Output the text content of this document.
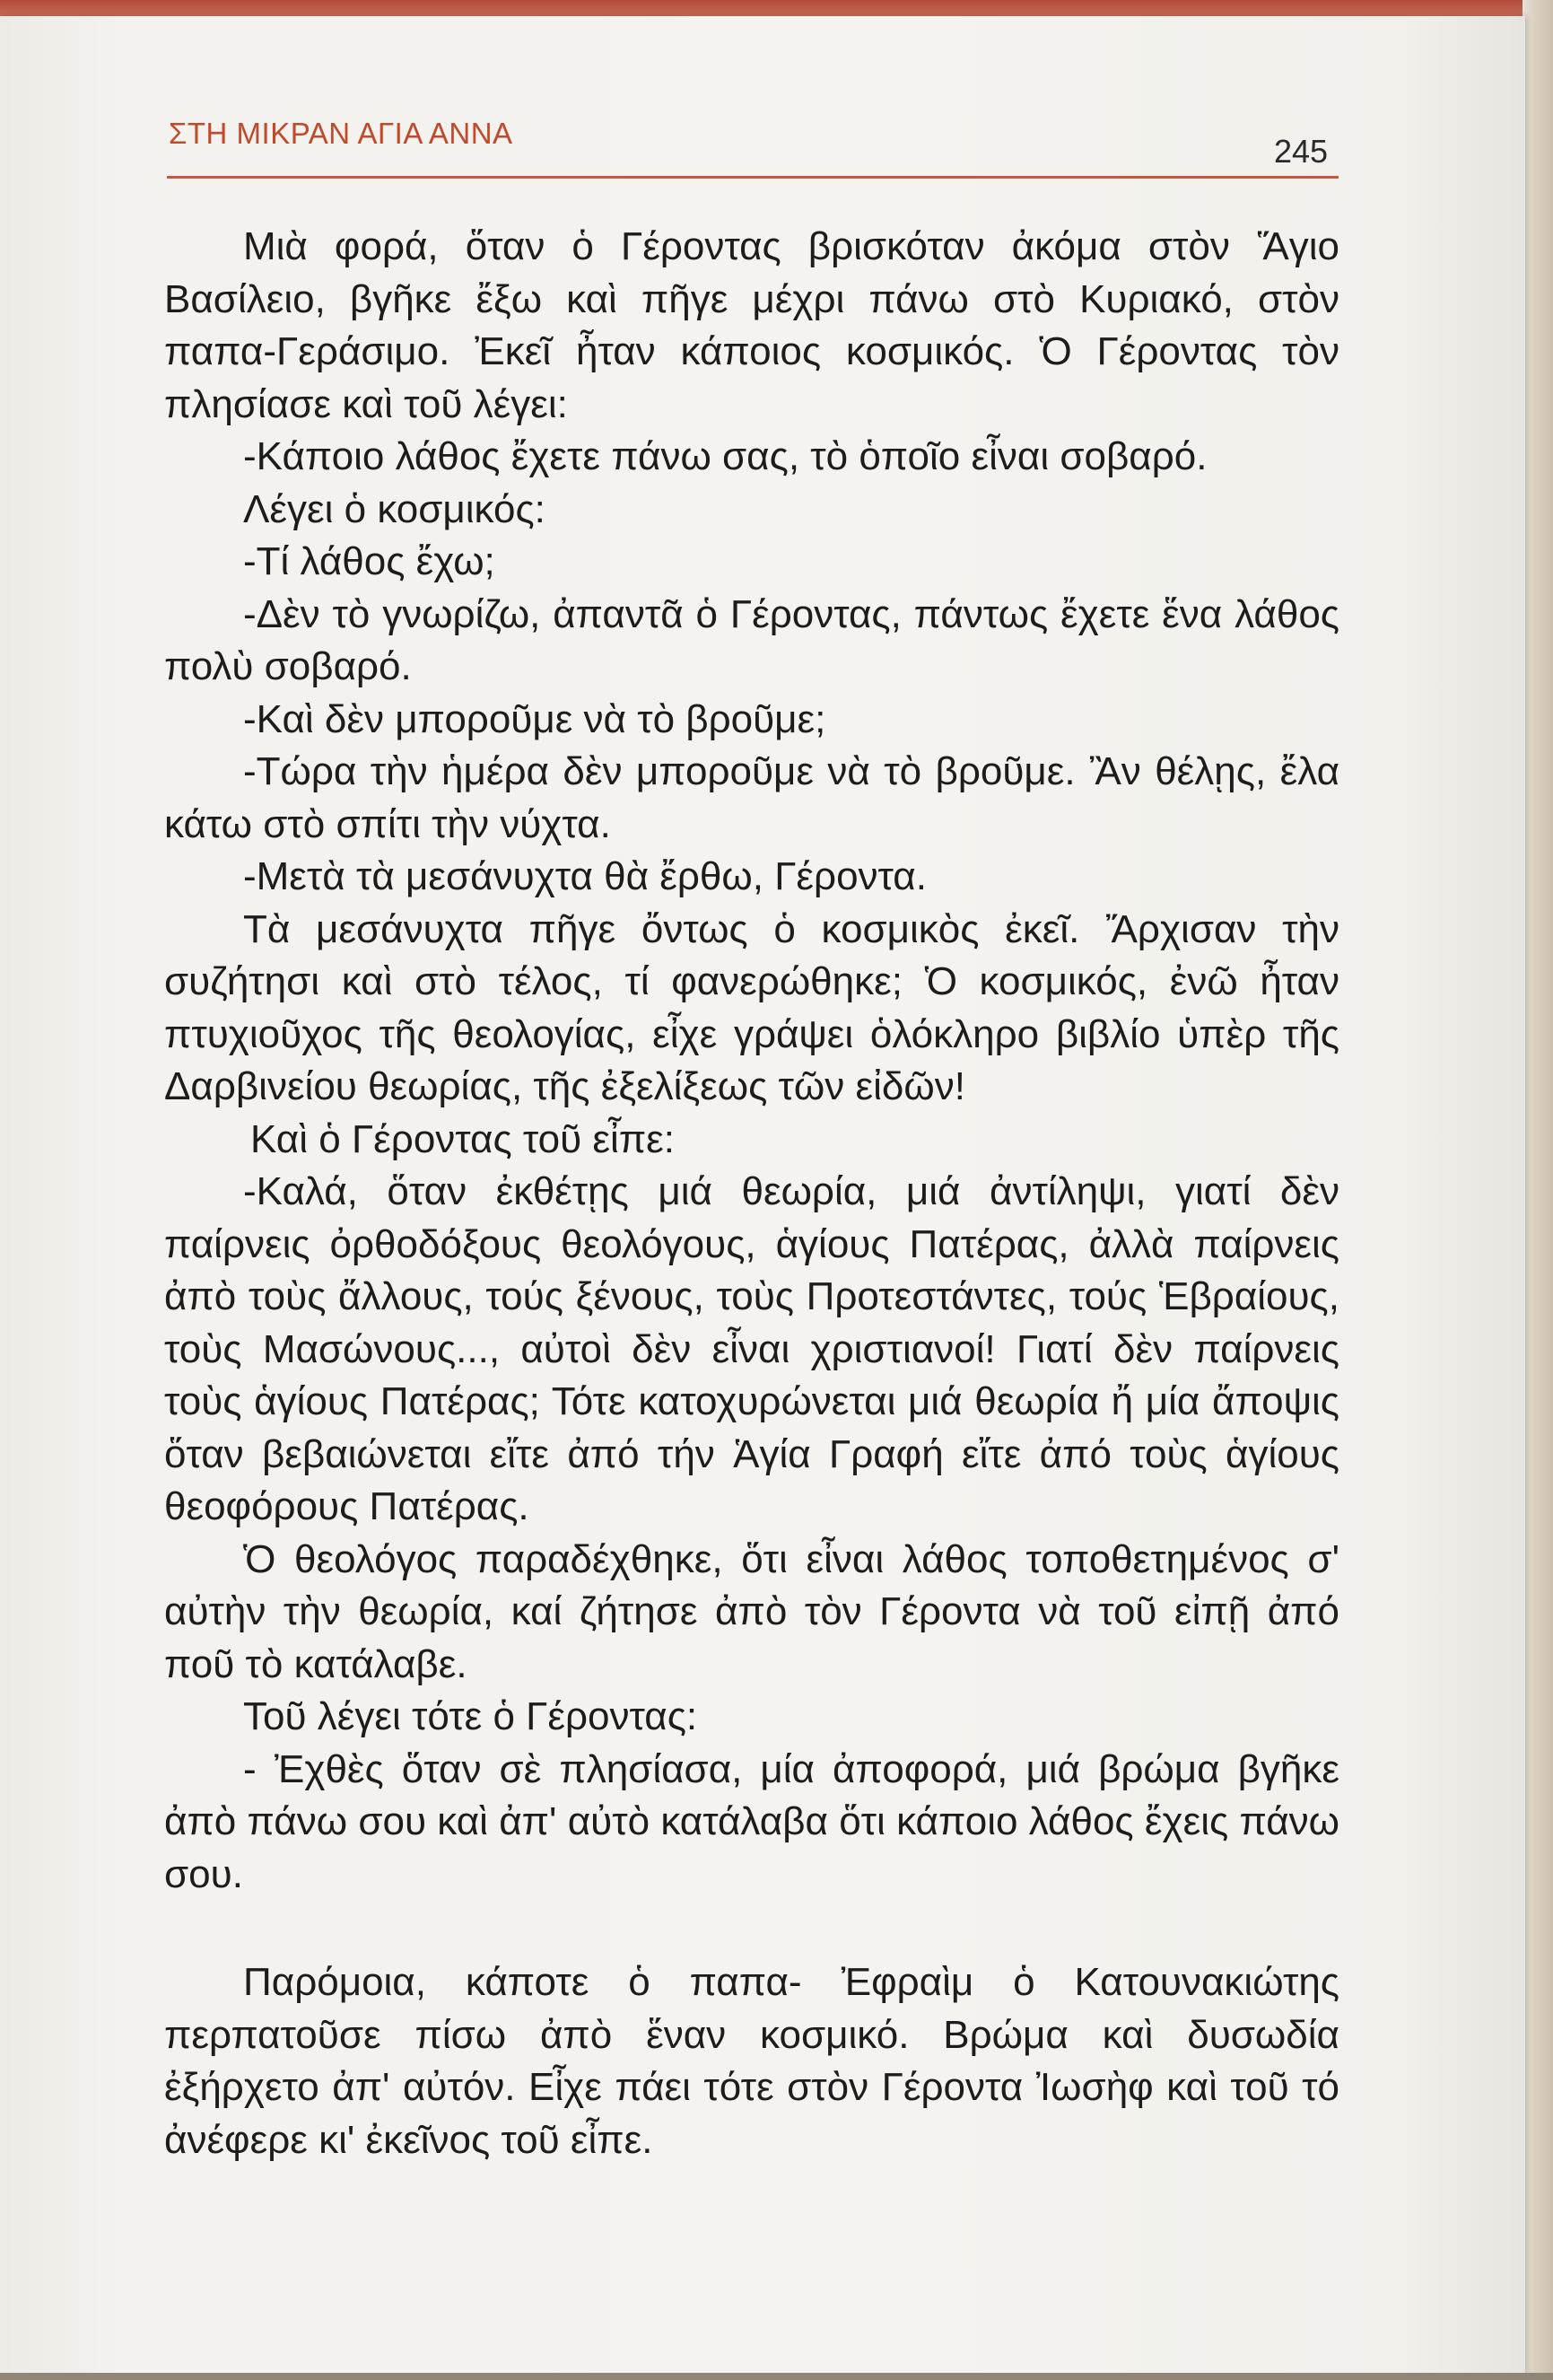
ΣΤΗ ΜΙΚΡΑΝ ΑΓΙΑ ΑΝΝΑ	245

Μιὰ φορά, ὅταν ὁ Γέροντας βρισκόταν ἀκόμα στὸν Ἅγιο Βασίλειο, βγῆκε ἔξω καὶ πῆγε μέχρι πάνω στὸ Κυριακό, στὸν παπα-Γεράσιμο. Ἐκεῖ ἦταν κάποιος κοσμικός. Ὁ Γέροντας τὸν πλησίασε καὶ τοῦ λέγει:

-Κάποιο λάθος ἔχετε πάνω σας, τὸ ὁποῖο εἶναι σοβαρό.

Λέγει ὁ κοσμικός:

-Τί λάθος ἔχω;

-Δὲν τὸ γνωρίζω, ἀπαντᾶ ὁ Γέροντας, πάντως ἔχετε ἕνα λάθος πολὺ σοβαρό.

-Καὶ δὲν μποροῦμε νὰ τὸ βροῦμε;

-Τώρα τὴν ἡμέρα δὲν μποροῦμε νὰ τὸ βροῦμε. Ἂν θέλῃς, ἔλα κάτω στὸ σπίτι τὴν νύχτα.

-Μετὰ τὰ μεσάνυχτα θὰ ἔρθω, Γέροντα.

Τὰ μεσάνυχτα πῆγε ὄντως ὁ κοσμικὸς ἐκεῖ. Ἄρχισαν τὴν συζήτησι καὶ στὸ τέλος, τί φανερώθηκε; Ὁ κοσμικός, ἐνῶ ἦταν πτυχιοῦχος τῆς θεολογίας, εἶχε γράψει ὁλόκληρο βιβλίο ὑπὲρ τῆς Δαρβινείου θεωρίας, τῆς ἐξελίξεως τῶν εἰδῶν!

Καὶ ὁ Γέροντας τοῦ εἶπε:

-Καλά, ὅταν ἐκθέτῃς μιά θεωρία, μιά ἀντίληψι, γιατί δὲν παίρνεις ὀρθοδόξους θεολόγους, ἁγίους Πατέρας, ἀλλὰ παίρνεις ἀπὸ τοὺς ἄλλους, τούς ξένους, τοὺς Προτεστάντες, τούς Ἑβραίους, τοὺς Μασώνους..., αὐτοὶ δὲν εἶναι χριστιανοί! Γιατί δὲν παίρνεις τοὺς ἁγίους Πατέρας; Τότε κατοχυρώνεται μιά θεωρία ἤ μία ἄποψις ὅταν βεβαιώνεται εἴτε ἀπό τήν Ἁγία Γραφή εἴτε ἀπό τοὺς ἁγίους θεοφόρους Πατέρας.

Ὁ θεολόγος παραδέχθηκε, ὅτι εἶναι λάθος τοποθετημένος σ' αὐτὴν τὴν θεωρία, καί ζήτησε ἀπὸ τὸν Γέροντα νὰ τοῦ εἰπῇ ἀπό ποῦ τὸ κατάλαβε.

Τοῦ λέγει τότε ὁ Γέροντας:

- Ἐχθὲς ὅταν σὲ πλησίασα, μία ἀποφορά, μιά βρώμα βγῆκε ἀπὸ πάνω σου καὶ ἀπ' αὐτὸ κατάλαβα ὅτι κάποιο λάθος ἔχεις πάνω σου.

Παρόμοια, κάποτε ὁ παπα- Ἐφραὶμ ὁ Κατουνακιώτης περπατοῦσε πίσω ἀπὸ ἕναν κοσμικό. Βρώμα καὶ δυσωδία ἐξήρχετο ἀπ' αὐτόν. Εἶχε πάει τότε στὸν Γέροντα Ἰωσὴφ καὶ τοῦ τό ἀνέφερε κι' ἐκεῖνος τοῦ εἶπε.
